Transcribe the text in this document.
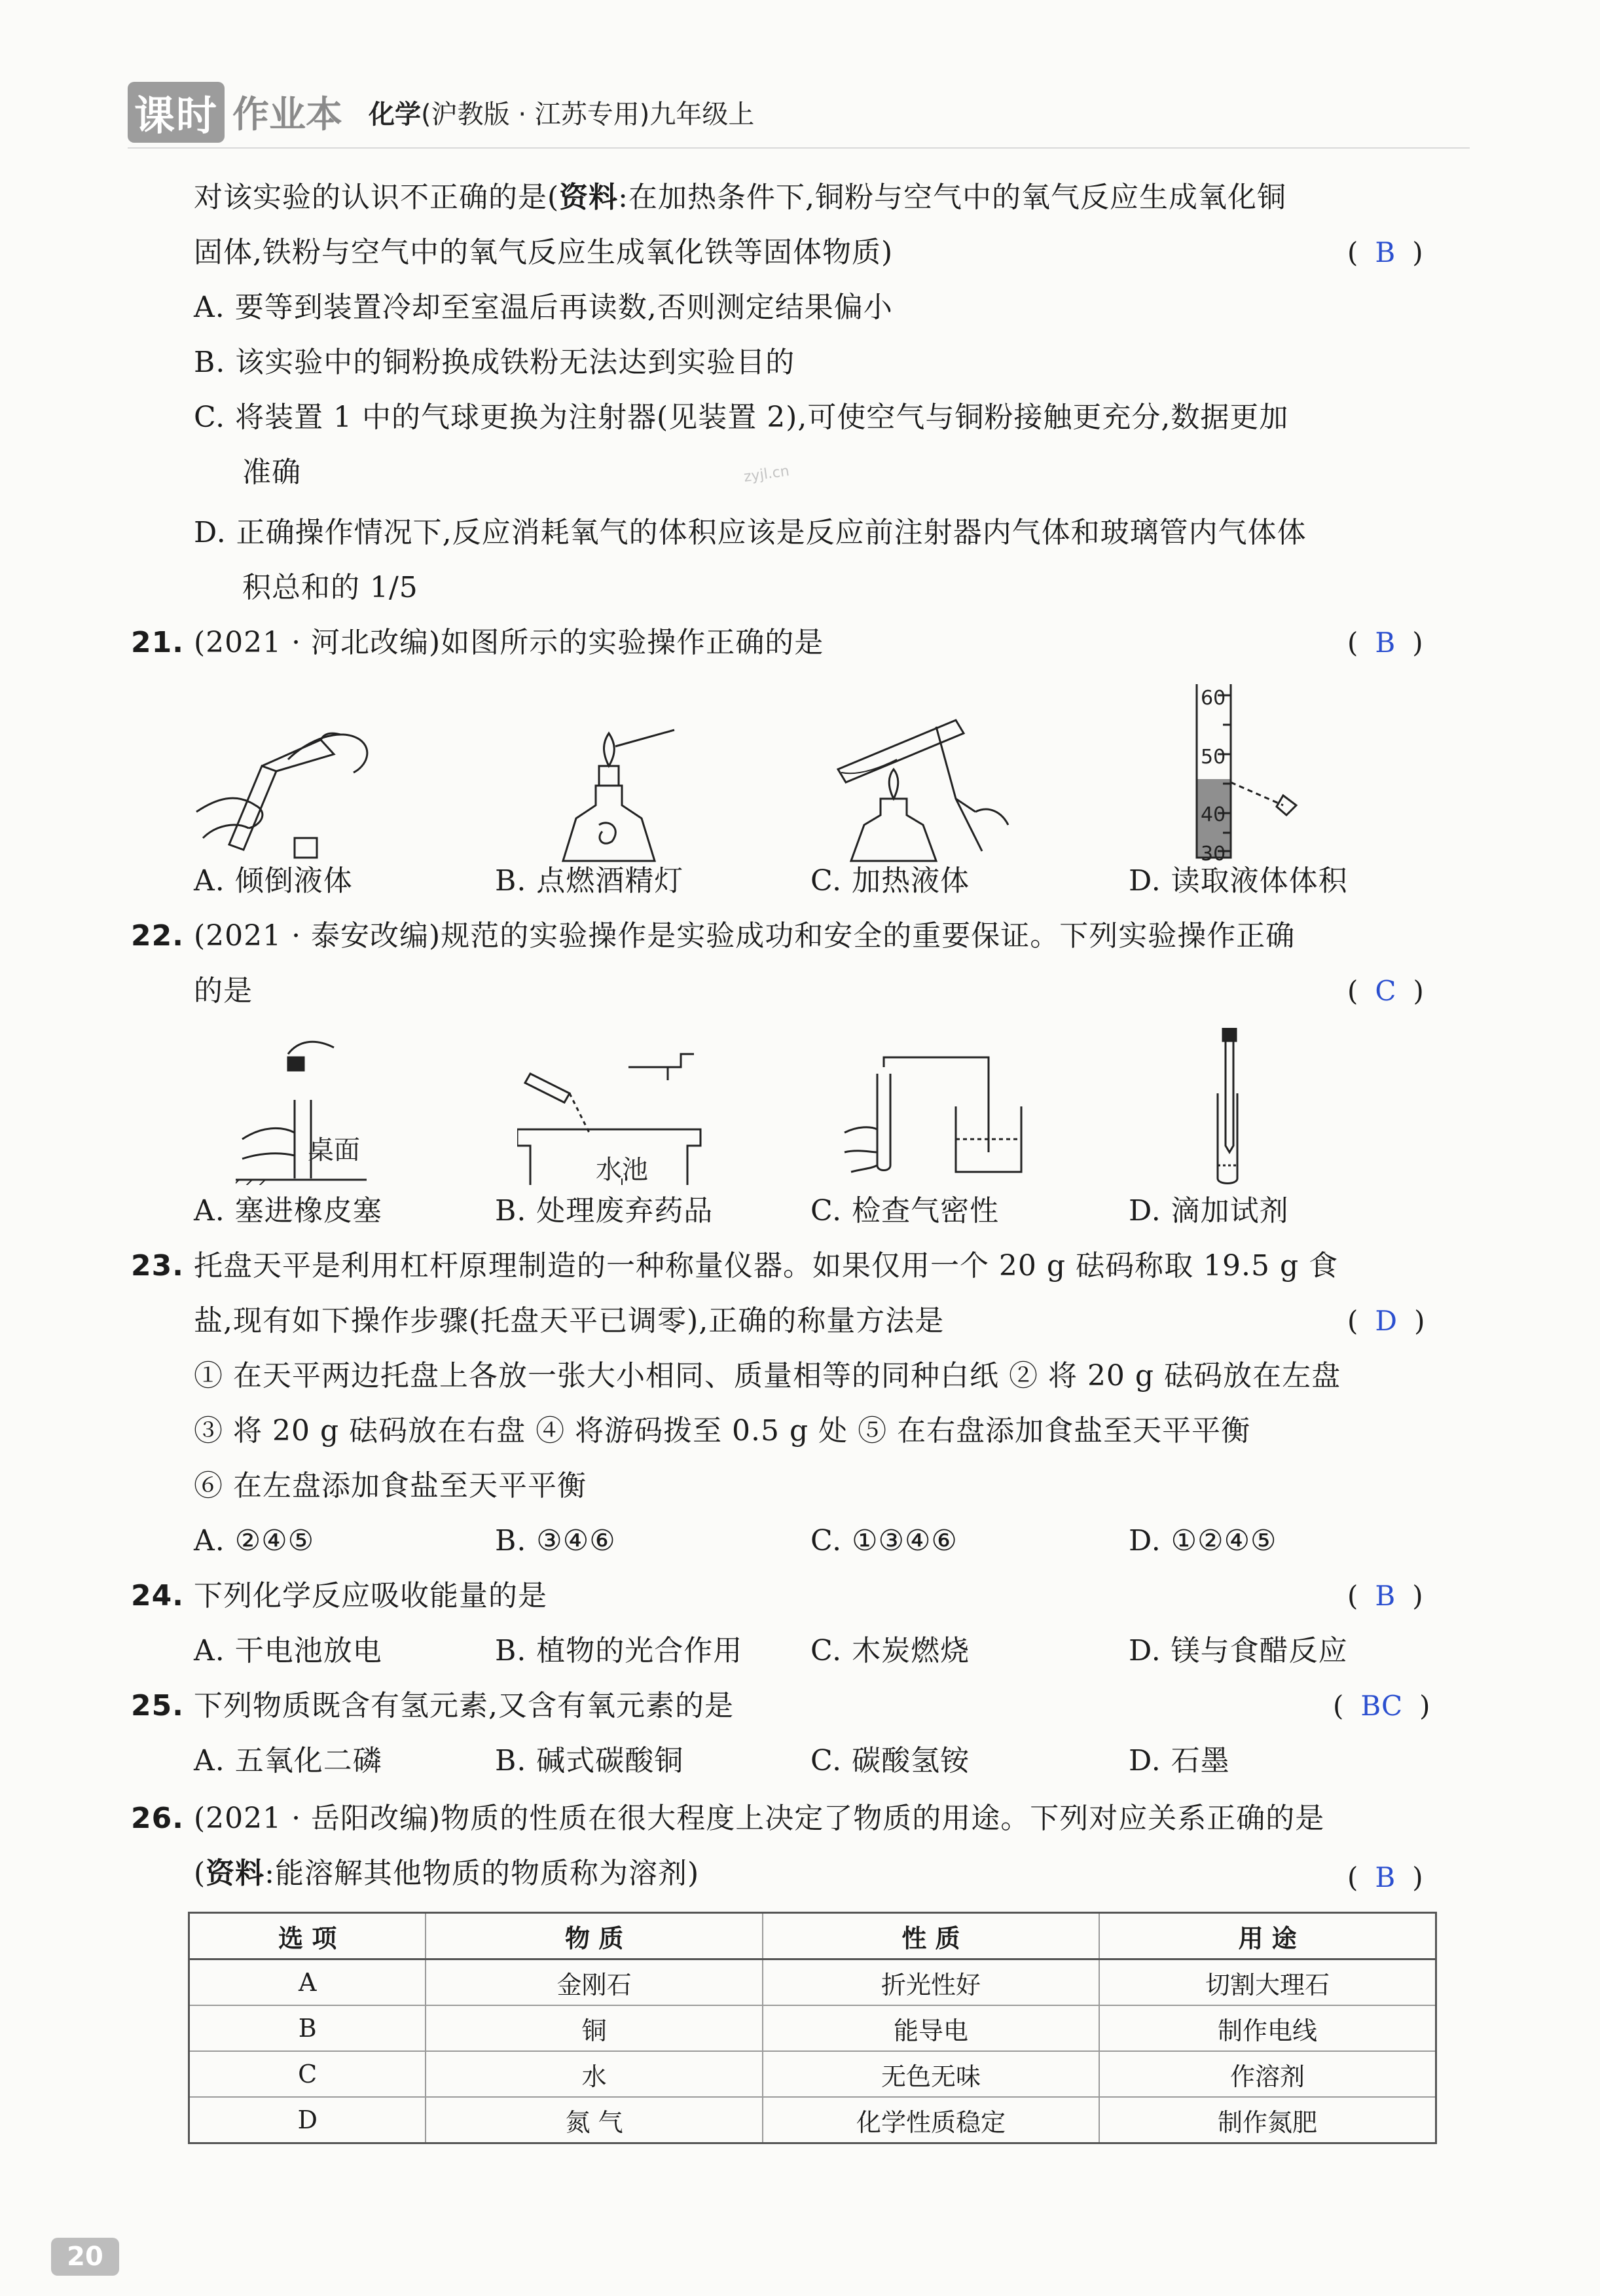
课时 作业本 化学(沪教版 · 江苏专用)九年级上
对该实验的认识不正确的是(资料:在加热条件下,铜粉与空气中的氧气反应生成氧化铜
固体,铁粉与空气中的氧气反应生成氧化铁等固体物质)	( B )
A. 要等到装置冷却至室温后再读数,否则测定结果偏小
B. 该实验中的铜粉换成铁粉无法达到实验目的
C. 将装置 1 中的气球更换为注射器(见装置 2),可使空气与铜粉接触更充分,数据更加
准确	zyjl.cn
D. 正确操作情况下,反应消耗氧气的体积应该是反应前注射器内气体和玻璃管内气体体
积总和的 1/5
21. (2021 · 河北改编)如图所示的实验操作正确的是	( B )
60
50
40
30
A. 倾倒液体	B. 点燃酒精灯	C. 加热液体	D. 读取液体体积
22. (2021 · 泰安改编)规范的实验操作是实验成功和安全的重要保证。下列实验操作正确
的是	( C )
桌面
水池
A. 塞进橡皮塞	B. 处理废弃药品	C. 检查气密性	D. 滴加试剂
23. 托盘天平是利用杠杆原理制造的一种称量仪器。如果仅用一个 20 g 砝码称取 19.5 g 食
盐,现有如下操作步骤(托盘天平已调零),正确的称量方法是	( D )
① 在天平两边托盘上各放一张大小相同、质量相等的同种白纸 ② 将 20 g 砝码放在左盘
③ 将 20 g 砝码放在右盘 ④ 将游码拨至 0.5 g 处 ⑤ 在右盘添加食盐至天平平衡
⑥ 在左盘添加食盐至天平平衡
A. ②④⑤	B. ③④⑥	C. ①③④⑥	D. ①②④⑤
24. 下列化学反应吸收能量的是	( B )
A. 干电池放电	B. 植物的光合作用 C. 木炭燃烧	D. 镁与食醋反应
25. 下列物质既含有氢元素,又含有氧元素的是	( BC )
A. 五氧化二磷	B. 碱式碳酸铜	C. 碳酸氢铵	D. 石墨
26. (2021 · 岳阳改编)物质的性质在很大程度上决定了物质的用途。下列对应关系正确的是
(资料:能溶解其他物质的物质称为溶剂)	( B )
选 项	物 质	性 质	用 途
A	金刚石	折光性好	切割大理石
B	铜	能导电	制作电线
C	水	无色无味	作溶剂
D	氮 气	化学性质稳定	制作氮肥
20
